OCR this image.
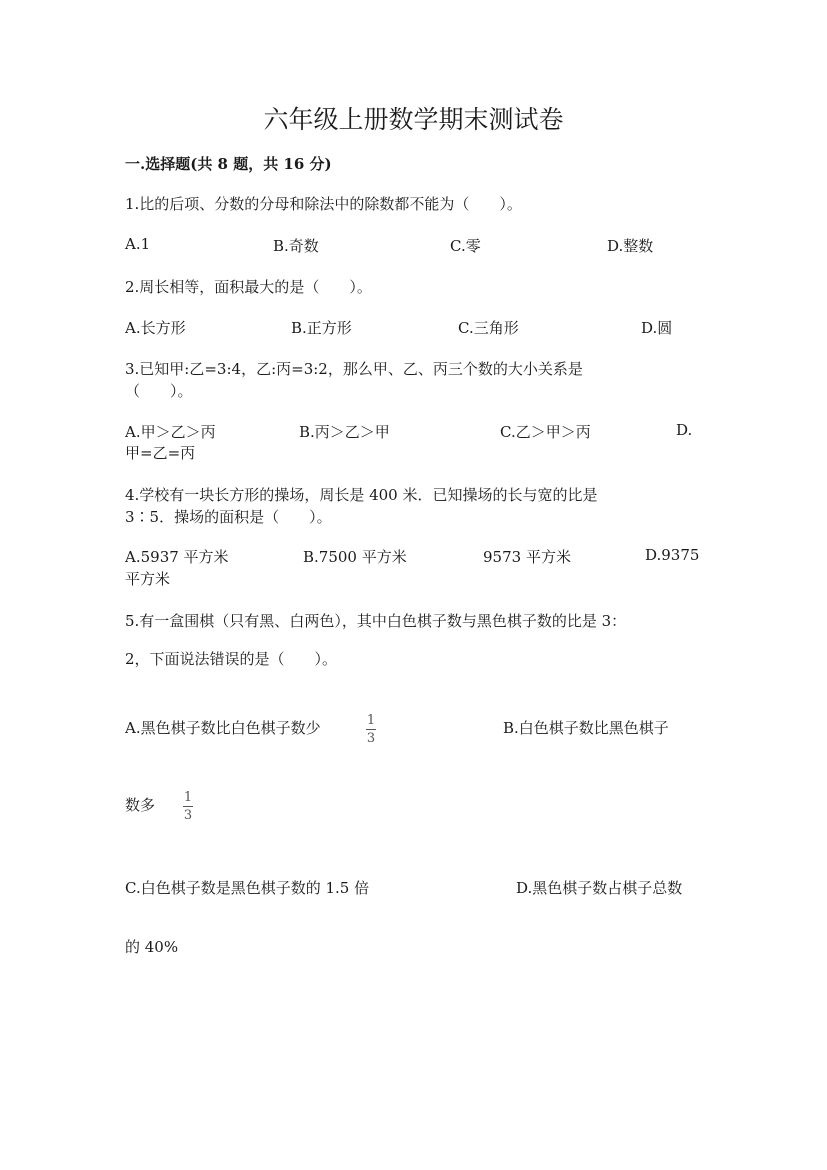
六年级上册数学期末测试卷
一.选择题(共 8 题，共 16 分)
1.比的后项、分数的分母和除法中的除数都不能为（　　）。
A.1	B.奇数	C.零	D.整数
2.周长相等，面积最大的是（　　）。
A.长方形	B.正方形	C.三角形	D.圆
3.已知甲:乙=3:4，乙:丙=3:2，那么甲、乙、丙三个数的大小关系是
（　　）。
A.甲＞乙＞丙	B.丙＞乙＞甲	C.乙＞甲＞丙	D.
甲=乙=丙
4.学校有一块长方形的操场，周长是 400 米．已知操场的长与宽的比是
3∶5．操场的面积是（　　）。
A.5937 平方米	B.7500 平方米	9573 平方米	D.9375
平方米
5.有一盒围棋（只有黑、白两色），其中白色棋子数与黑色棋子数的比是 3：
2，下面说法错误的是（　　）。
A.黑色棋子数比白色棋子数少	1
3
B.白色棋子数比黑色棋子
数多 1
3
C.白色棋子数是黑色棋子数的 1.5 倍	D.黑色棋子数占棋子总数
的 40%
